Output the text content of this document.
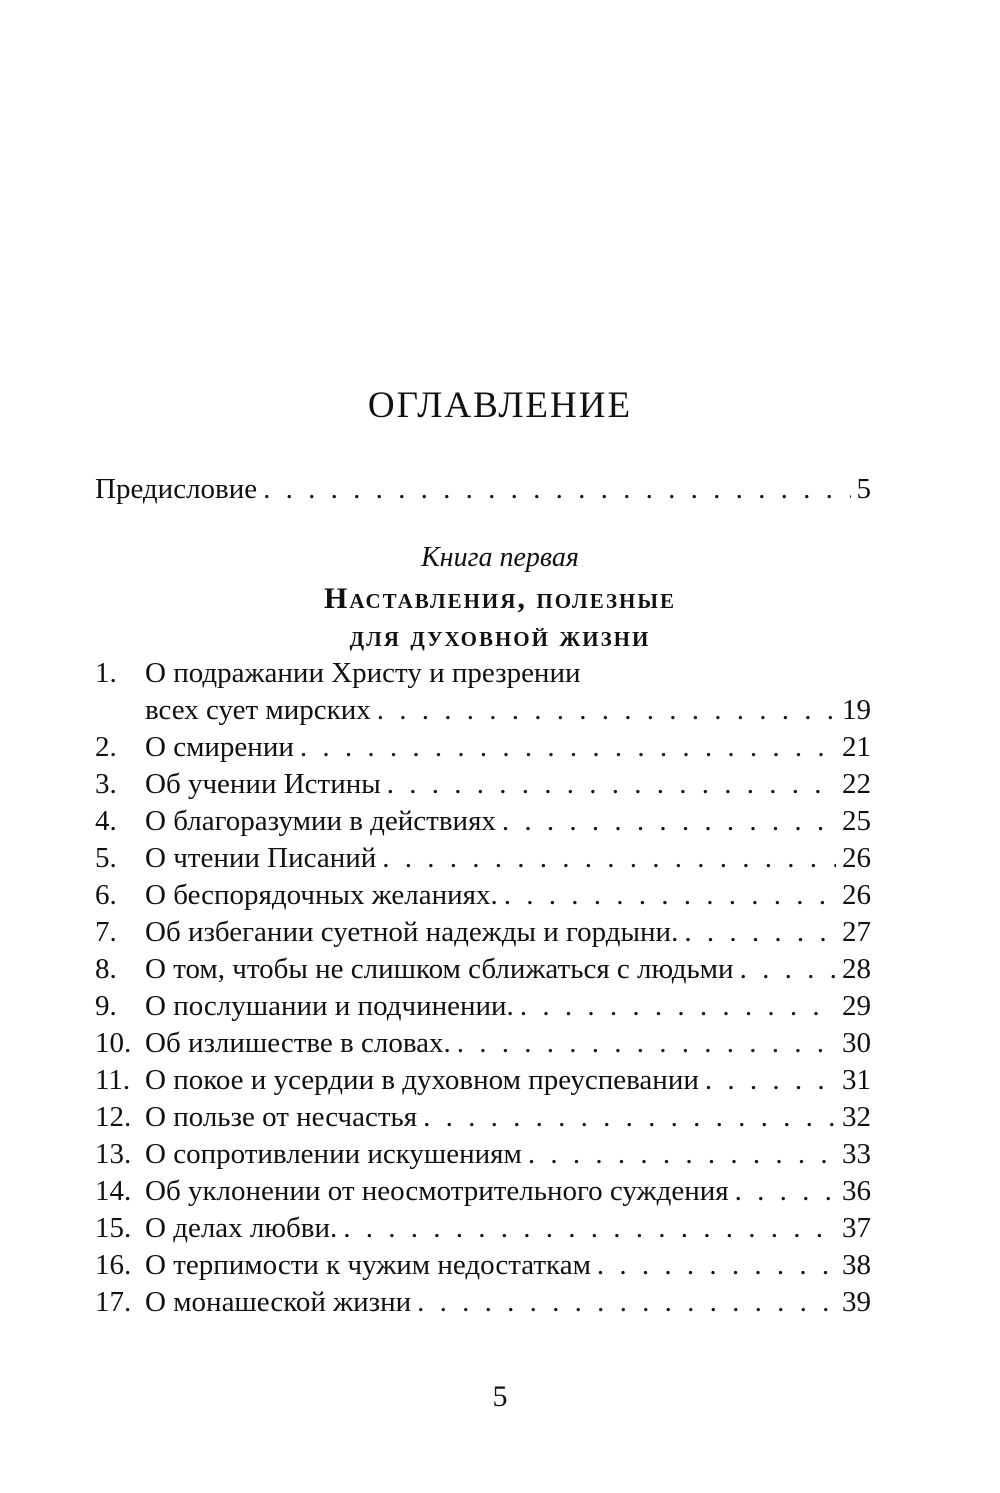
ОГЛАВЛЕНИЕ
Предисловие . . .	5
Книга первая
Наставления, полезные
для духовной жизни
1. О подражании Христу и презрении
всех сует мирских . . .	19
2. О смирении . . .	21
3. Об учении Истины . . .	22
4. О благоразумии в действиях . . .	25
5. О чтении Писаний . . .	26
6. О беспорядочных желаниях. . . .	26
7. Об избегании суетной надежды и гордыни. . . .	27
8. О том, чтобы не слишком сближаться с людьми . . .	28
9. О послушании и подчинении. . . .	29
10. Об излишестве в словах. . . .	30
11. О покое и усердии в духовном преуспевании . . .	31
12. О пользе от несчастья . . .	32
13. О сопротивлении искушениям . . .	33
14. Об уклонении от неосмотрительного суждения . . .	36
15. О делах любви. . . .	37
16. О терпимости к чужим недостаткам . . .	38
17. О монашеской жизни . . .	39
5
